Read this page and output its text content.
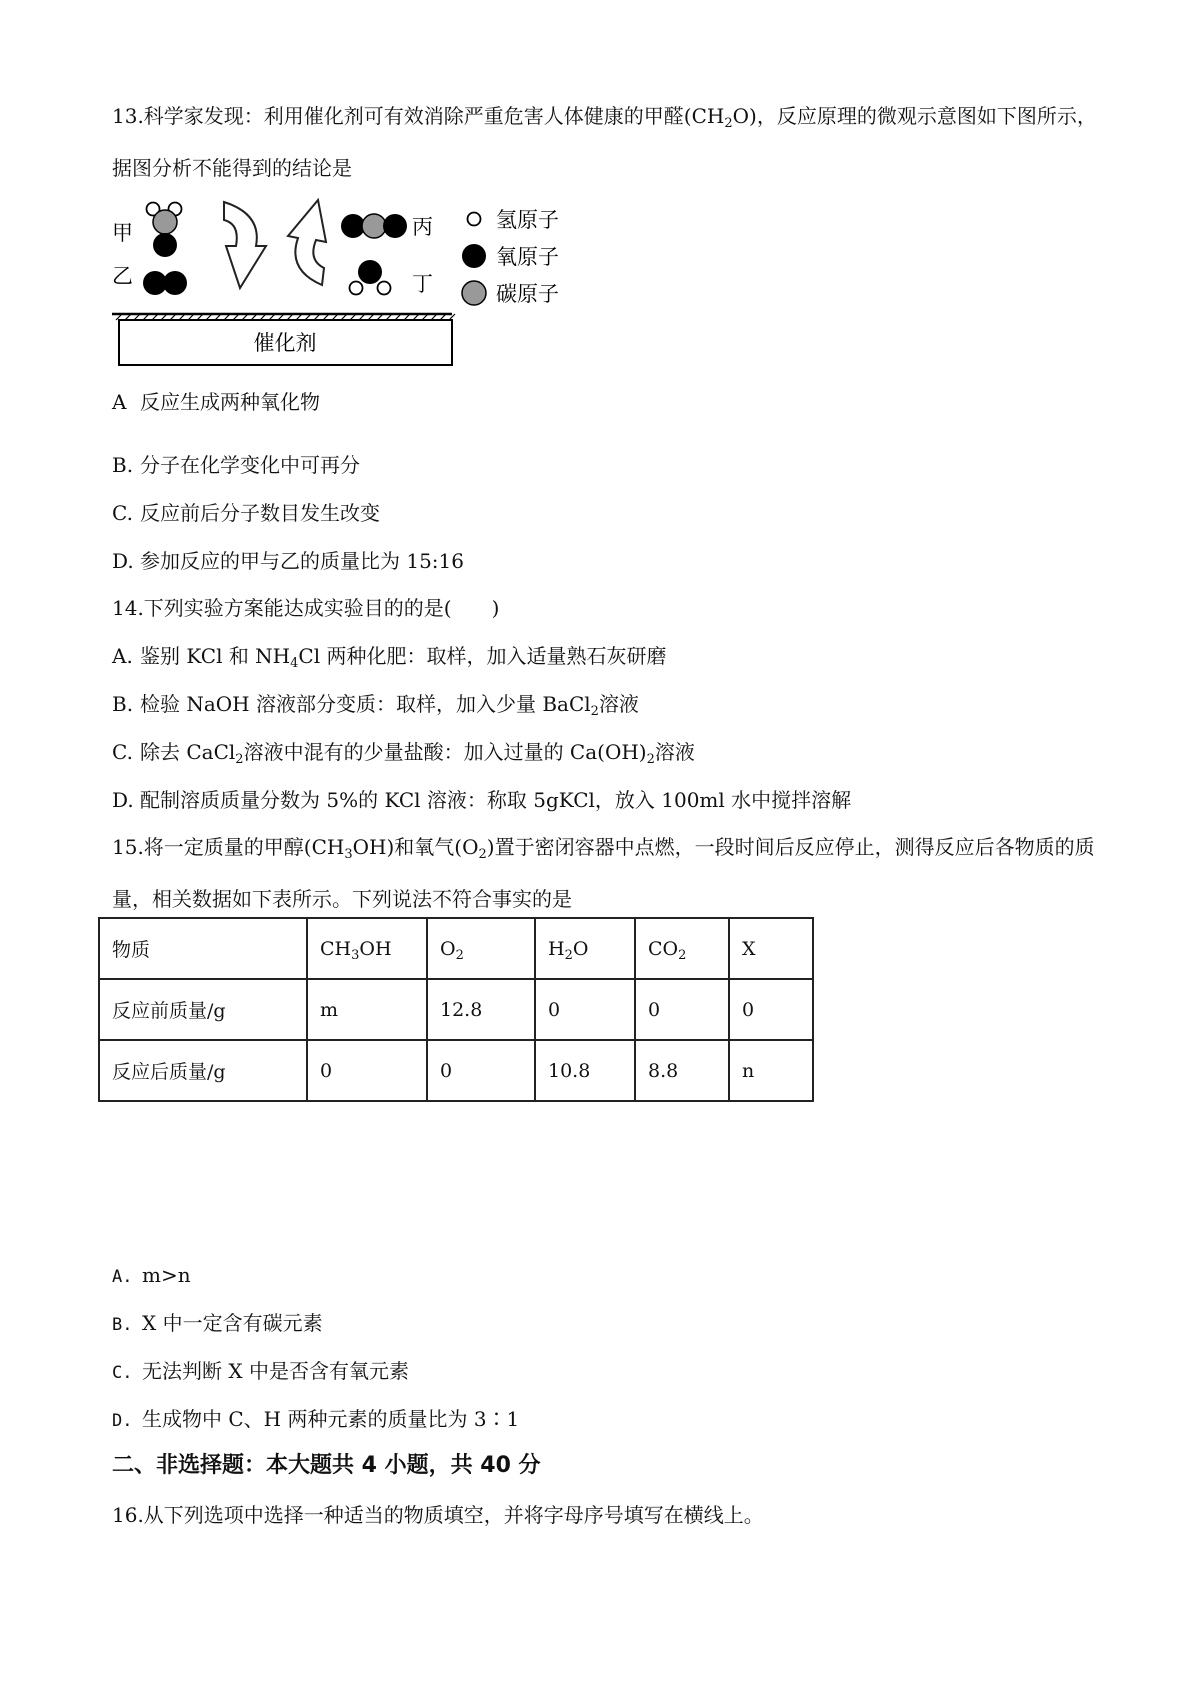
13.科学家发现：利用催化剂可有效消除严重危害人体健康的甲醛$(CH_2O)$，反应原理的微观示意图如下图所示，据图分析不能得到的结论是
甲
乙
丙
丁
氢原子
氧原子
碳原子
催化剂
A 反应生成两种氧化物
B. 分子在化学变化中可再分
C. 反应前后分子数目发生改变
D. 参加反应的甲与乙的质量比为 15:16
14.下列实验方案能达成实验目的的是(　　)
A. 鉴别 KCl 和 $NH_4Cl$ 两种化肥：取样，加入适量熟石灰研磨
B. 检验 NaOH 溶液部分变质：取样，加入少量 BaCl$_2$溶液
C. 除去 CaCl$_2$溶液中混有的少量盐酸：加入过量的 $Ca(OH)_2$溶液
D. 配制溶质质量分数为 5%的 KCl 溶液：称取 5gKCl，放入 100ml 水中搅拌溶解
15.将一定质量的甲醇$(CH_3OH)$和氧气$(O_2)$置于密闭容器中点燃，一段时间后反应停止，测得反应后各物质的质量，相关数据如下表所示。下列说法不符合事实的是
物质	$CH_3OH$	$O_2$	$H_2O$	$CO_2$	X
反应前质量/g	m	12.8	0	0	0
反应后质量/g	0	0	10.8	8.8	n
A. m>n
B. X 中一定含有碳元素
C. 无法判断 X 中是否含有氧元素
D. 生成物中 C、H 两种元素的质量比为 3∶1
二、非选择题：本大题共 4 小题，共 40 分
16.从下列选项中选择一种适当的物质填空，并将字母序号填写在横线上。
